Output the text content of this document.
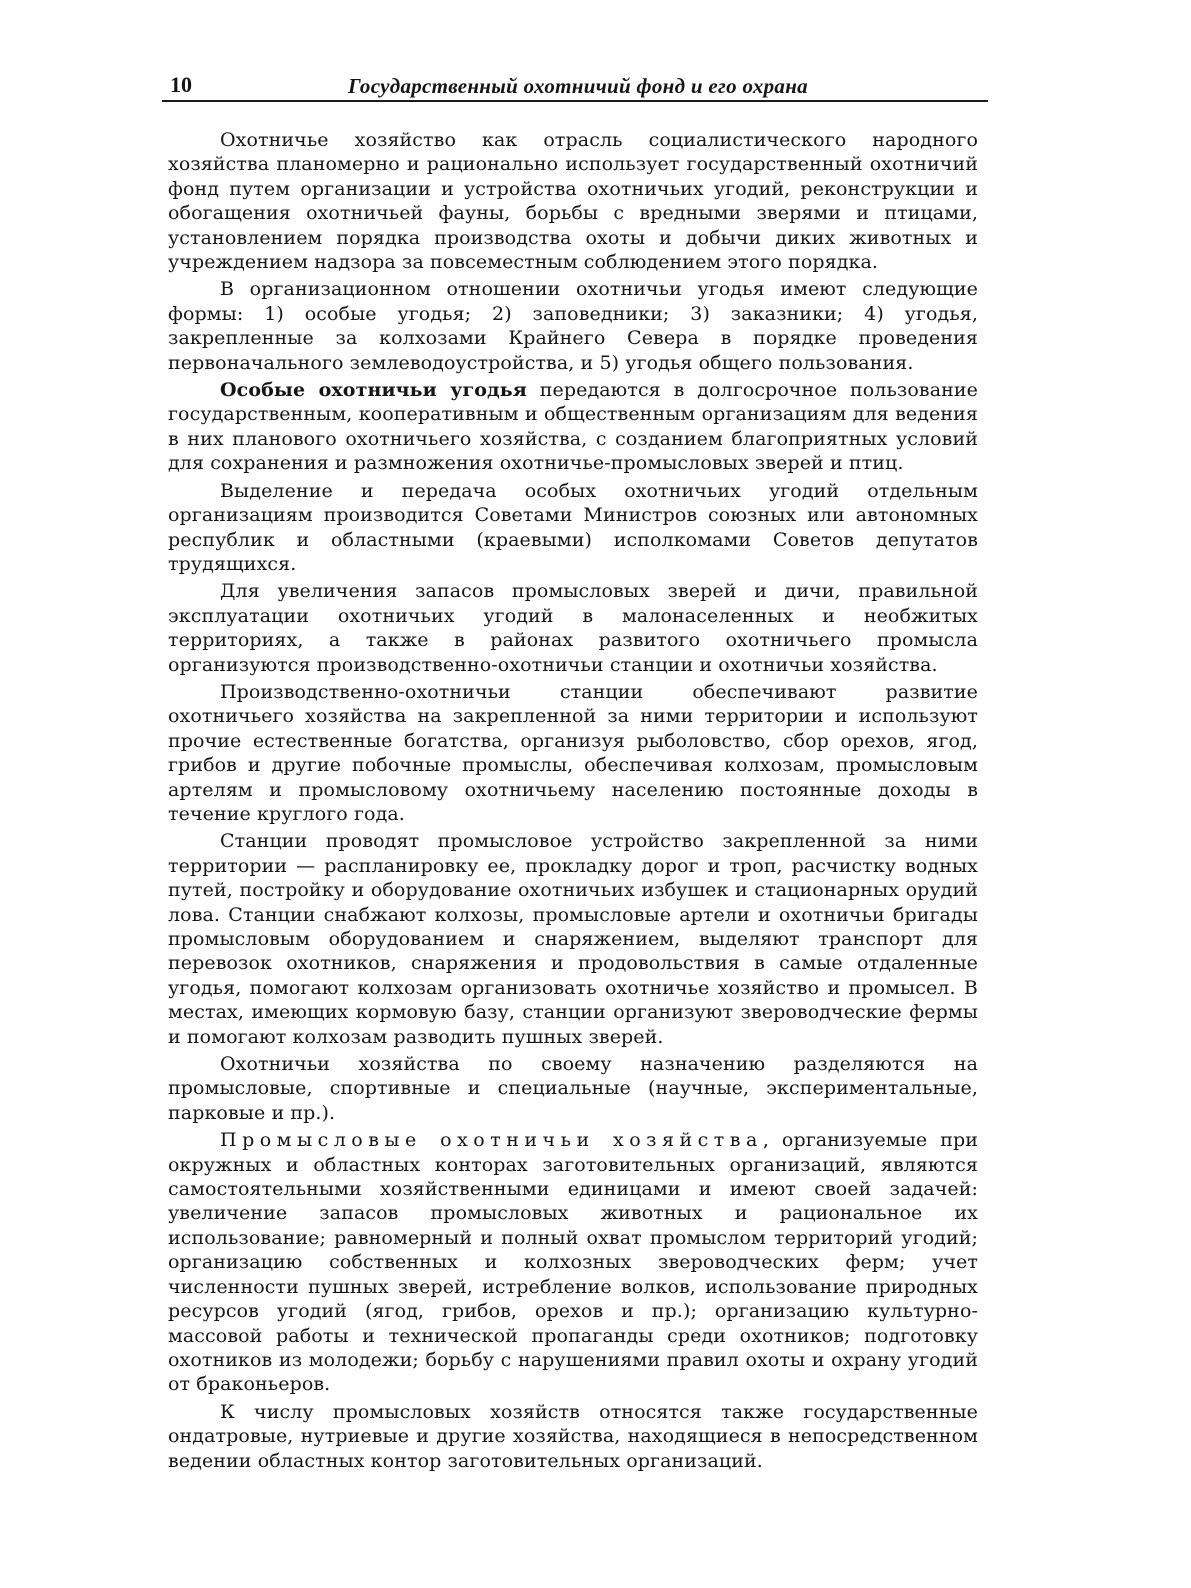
10	Государственный охотничий фонд и его охрана

Охотничье хозяйство как отрасль социалистического народного хозяйства планомерно и рационально использует государственный охотничий фонд путем организации и устройства охотничьих угодий, реконструкции и обогащения охотничьей фауны, борьбы с вредными зверями и птицами, установлением порядка производства охоты и добычи диких животных и учреждением надзора за повсеместным соблюдением этого порядка.

В организационном отношении охотничьи угодья имеют следующие формы: 1) особые угодья; 2) заповедники; 3) заказники; 4) угодья, закрепленные за колхозами Крайнего Севера в порядке проведения первоначального землеводоустройства, и 5) угодья общего пользования.

Особые охотничьи угодья передаются в долгосрочное пользование государственным, кооперативным и общественным организациям для ведения в них планового охотничьего хозяйства, с созданием благоприятных условий для сохранения и размножения охотничье-промысловых зверей и птиц.

Выделение и передача особых охотничьих угодий отдельным организациям производится Советами Министров союзных или автономных республик и областными (краевыми) исполкомами Советов депутатов трудящихся.

Для увеличения запасов промысловых зверей и дичи, правильной эксплуатации охотничьих угодий в малонаселенных и необжитых территориях, а также в районах развитого охотничьего промысла организуются производственно-охотничьи станции и охотничьи хозяйства.

Производственно-охотничьи станции обеспечивают развитие охотничьего хозяйства на закрепленной за ними территории и используют прочие естественные богатства, организуя рыболовство, сбор орехов, ягод, грибов и другие побочные промыслы, обеспечивая колхозам, промысловым артелям и промысловому охотничьему населению постоянные доходы в течение круглого года.

Станции проводят промысловое устройство закрепленной за ними территории — распланировку ее, прокладку дорог и троп, расчистку водных путей, постройку и оборудование охотничьих избушек и стационарных орудий лова. Станции снабжают колхозы, промысловые артели и охотничьи бригады промысловым оборудованием и снаряжением, выделяют транспорт для перевозок охотников, снаряжения и продовольствия в самые отдаленные угодья, помогают колхозам организовать охотничье хозяйство и промысел. В местах, имеющих кормовую базу, станции организуют звероводческие фермы и помогают колхозам разводить пушных зверей.

Охотничьи хозяйства по своему назначению разделяются на промысловые, спортивные и специальные (научные, экспериментальные, парковые и пр.).

Промысловые охотничьи хозяйства, организуемые при окружных и областных конторах заготовительных организаций, являются самостоятельными хозяйственными единицами и имеют своей задачей: увеличение запасов промысловых животных и рациональное их использование; равномерный и полный охват промыслом территорий угодий; организацию собственных и колхозных звероводческих ферм; учет численности пушных зверей, истребление волков, использование природных ресурсов угодий (ягод, грибов, орехов и пр.); организацию культурно-массовой работы и технической пропаганды среди охотников; подготовку охотников из молодежи; борьбу с нарушениями правил охоты и охрану угодий от браконьеров.

К числу промысловых хозяйств относятся также государственные ондатровые, нутриевые и другие хозяйства, находящиеся в непосредственном ведении областных контор заготовительных организаций.
